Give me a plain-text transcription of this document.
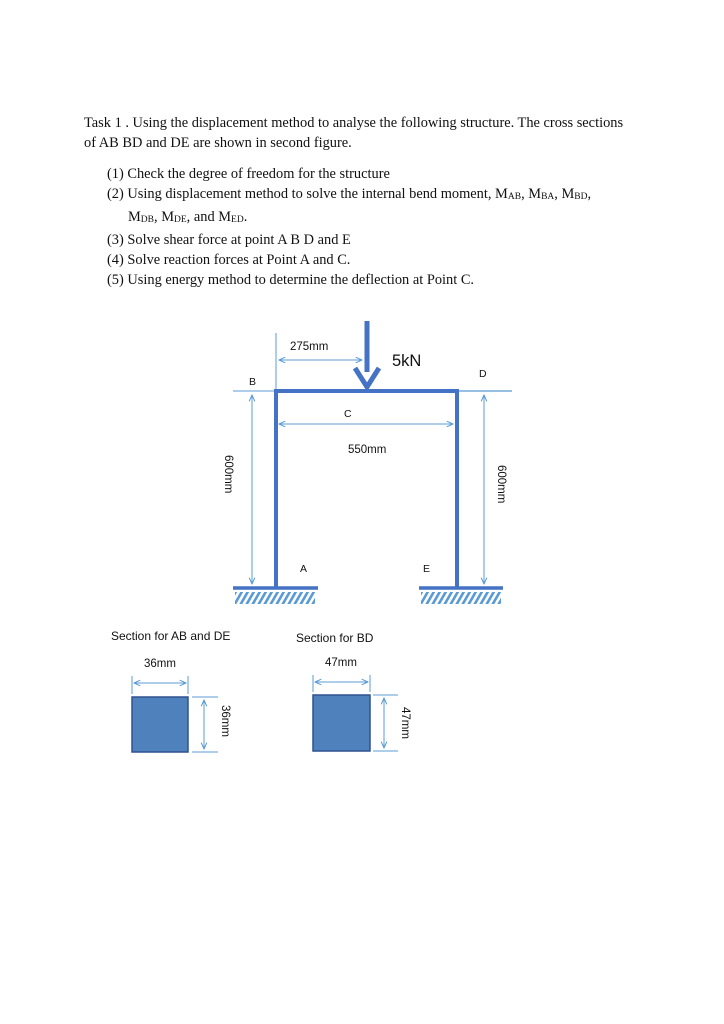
Task 1 . Using the displacement method to analyse the following structure. The cross sections
of AB BD and DE are shown in second figure.
(1) Check the degree of freedom for the structure
(2) Using displacement method to solve the internal bend moment, $M_{AB}$, $M_{BA}$, $M_{BD}$,
$M_{DB}$, $M_{DE}$, and $M_{ED}$.
(3) Solve shear force at point A B D and E
(4) Solve reaction forces at Point A and C.
(5) Using energy method to determine the deflection at Point C.
5kN
B
C
D
A	E
275mm
550mm
600mm	600mm
Section for AB and DE
36mm
36mm
Section for BD
47mm
47mm
